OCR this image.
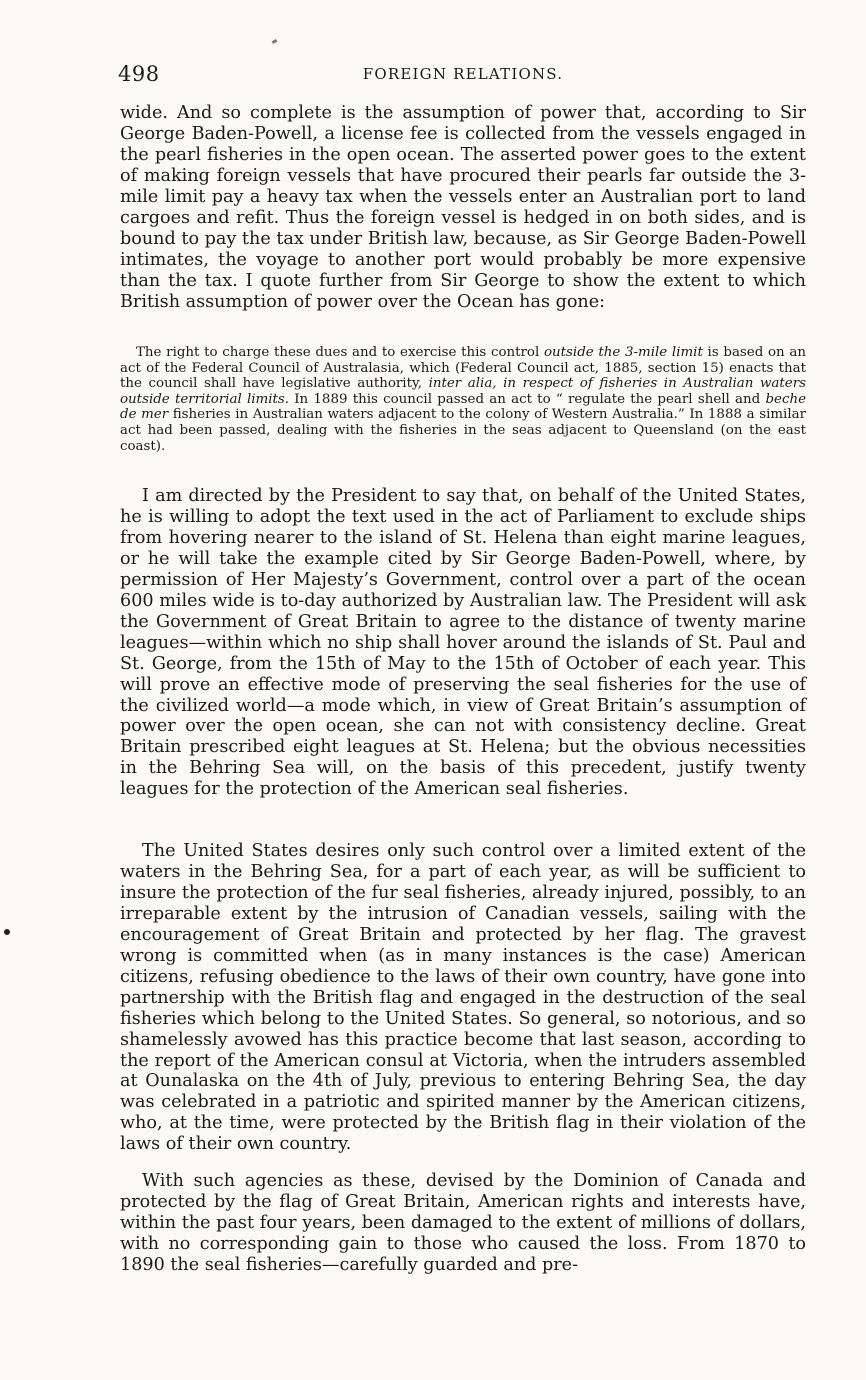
498	FOREIGN RELATIONS.

wide. And so complete is the assumption of power that, according to Sir George Baden-Powell, a license fee is collected from the vessels engaged in the pearl fisheries in the open ocean. The asserted power goes to the extent of making foreign vessels that have procured their pearls far outside the 3-mile limit pay a heavy tax when the vessels enter an Australian port to land cargoes and refit. Thus the foreign vessel is hedged in on both sides, and is bound to pay the tax under British law, because, as Sir George Baden-Powell intimates, the voyage to another port would probably be more expensive than the tax. I quote further from Sir George to show the extent to which British assumption of power over the Ocean has gone:

The right to charge these dues and to exercise this control outside the 3-mile limit is based on an act of the Federal Council of Australasia, which (Federal Council act, 1885, section 15) enacts that the council shall have legislative authority, inter alia, in respect of fisheries in Australian waters outside territorial limits. In 1889 this council passed an act to “ regulate the pearl shell and beche de mer fisheries in Australian waters adjacent to the colony of Western Australia.” In 1888 a similar act had been passed, dealing with the fisheries in the seas adjacent to Queensland (on the east coast).

I am directed by the President to say that, on behalf of the United States, he is willing to adopt the text used in the act of Parliament to exclude ships from hovering nearer to the island of St. Helena than eight marine leagues, or he will take the example cited by Sir George Baden-Powell, where, by permission of Her Majesty’s Government, control over a part of the ocean 600 miles wide is to-day authorized by Australian law. The President will ask the Government of Great Britain to agree to the distance of twenty marine leagues—within which no ship shall hover around the islands of St. Paul and St. George, from the 15th of May to the 15th of October of each year. This will prove an effective mode of preserving the seal fisheries for the use of the civilized world—a mode which, in view of Great Britain’s assumption of power over the open ocean, she can not with consistency decline. Great Britain prescribed eight leagues at St. Helena; but the obvious necessities in the Behring Sea will, on the basis of this precedent, justify twenty leagues for the protection of the American seal fisheries.

The United States desires only such control over a limited extent of the waters in the Behring Sea, for a part of each year, as will be sufficient to insure the protection of the fur seal fisheries, already injured, possibly, to an irreparable extent by the intrusion of Canadian vessels, sailing with the encouragement of Great Britain and protected by her flag. The gravest wrong is committed when (as in many instances is the case) American citizens, refusing obedience to the laws of their own country, have gone into partnership with the British flag and engaged in the destruction of the seal fisheries which belong to the United States. So general, so notorious, and so shamelessly avowed has this practice become that last season, according to the report of the American consul at Victoria, when the intruders assembled at Ounalaska on the 4th of July, previous to entering Behring Sea, the day was celebrated in a patriotic and spirited manner by the American citizens, who, at the time, were protected by the British flag in their violation of the laws of their own country.

With such agencies as these, devised by the Dominion of Canada and protected by the flag of Great Britain, American rights and interests have, within the past four years, been damaged to the extent of millions of dollars, with no corresponding gain to those who caused the loss. From 1870 to 1890 the seal fisheries—carefully guarded and pre-
